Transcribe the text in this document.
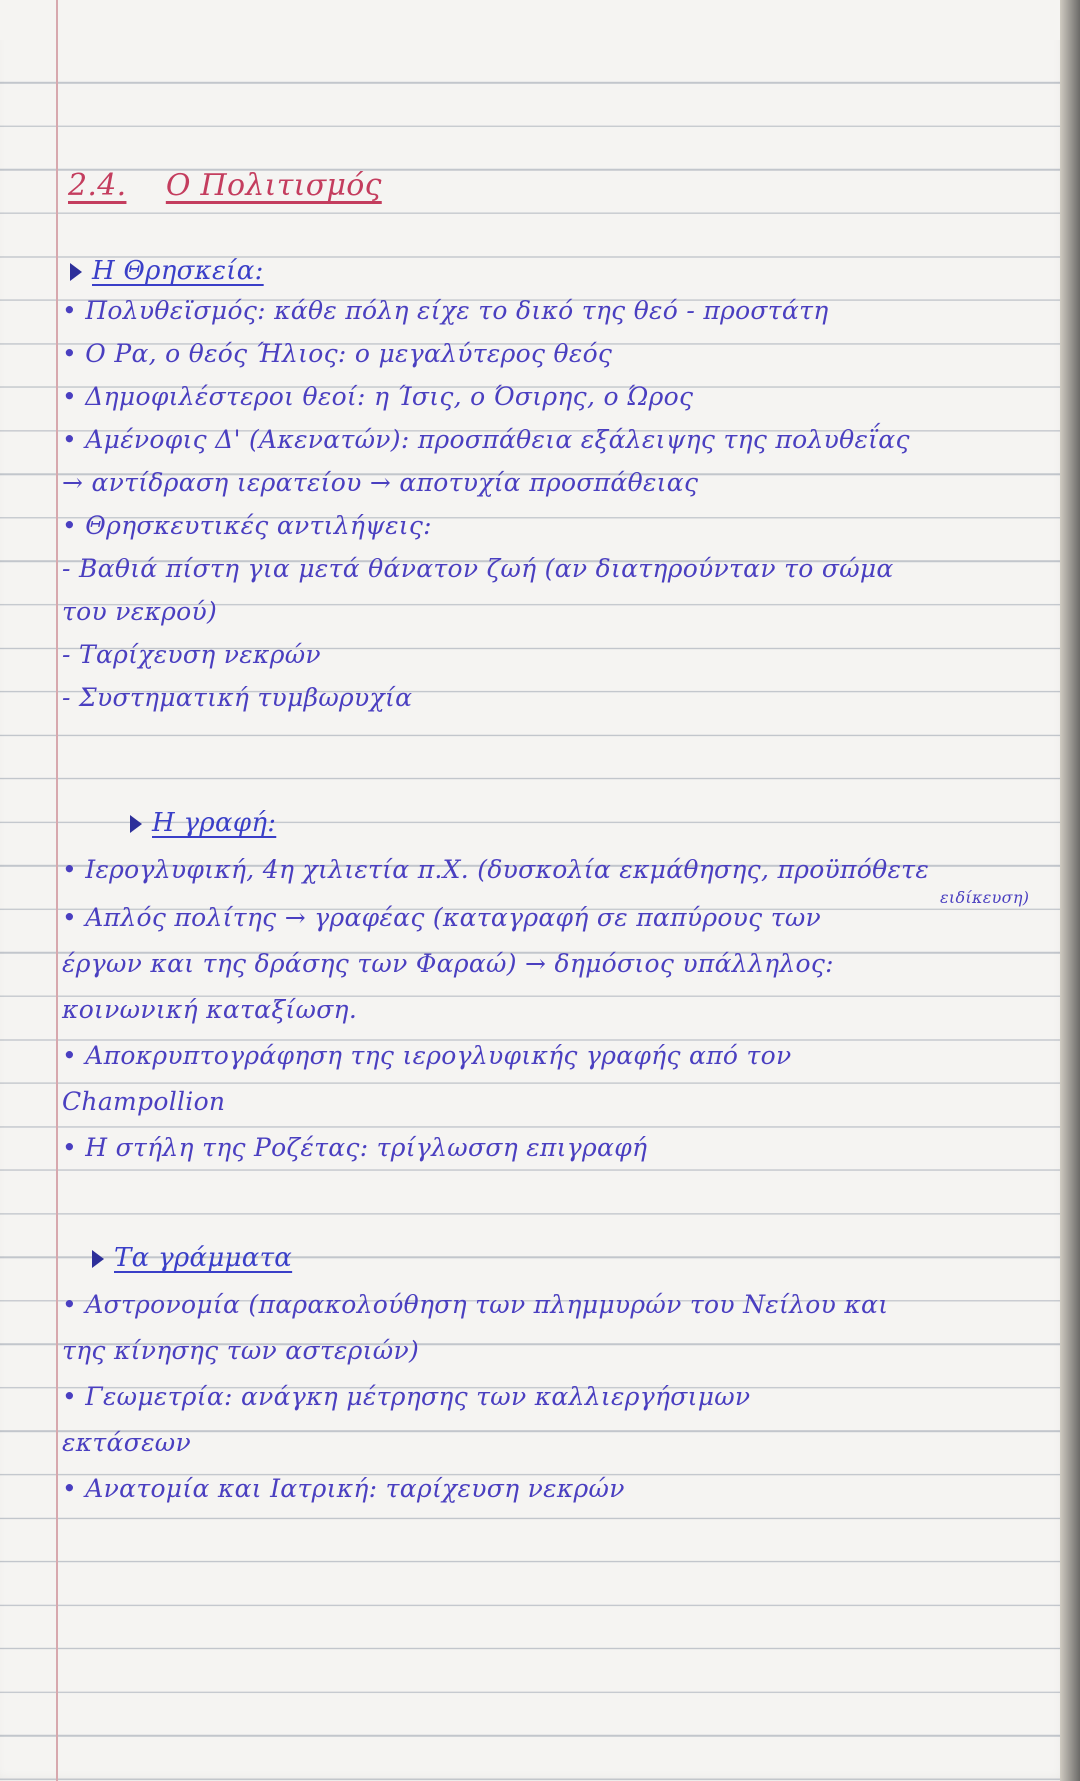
2.4. Ο Πολιτισμός
Η Θρησκεία:
• Πολυθεϊσμός: κάθε πόλη είχε το δικό της θεό - προστάτη
• Ο Ρα, ο θεός Ήλιος: ο μεγαλύτερος θεός
• Δημοφιλέστεροι θεοί: η Ίσις, ο Όσιρης, ο Ώρος
• Αμένοφις Δ' (Ακενατών): προσπάθεια εξάλειψης της πολυθεΐας
→ αντίδραση ιερατείου → αποτυχία προσπάθειας
• Θρησκευτικές αντιλήψεις:
- Βαθιά πίστη για μετά θάνατον ζωή (αν διατηρούνταν το σώμα
του νεκρού)
- Ταρίχευση νεκρών
- Συστηματική τυμβωρυχία
Η γραφή:
• Ιερογλυφική, 4η χιλιετία π.Χ. (δυσκολία εκμάθησης, προϋπόθετε
ειδίκευση)
• Απλός πολίτης → γραφέας (καταγραφή σε παπύρους των
έργων και της δράσης των Φαραώ) → δημόσιος υπάλληλος:
κοινωνική καταξίωση.
• Αποκρυπτογράφηση της ιερογλυφικής γραφής από τον
Champollion
• Η στήλη της Ροζέτας: τρίγλωσση επιγραφή
Τα γράμματα
• Αστρονομία (παρακολούθηση των πλημμυρών του Νείλου και
της κίνησης των αστεριών)
• Γεωμετρία: ανάγκη μέτρησης των καλλιεργήσιμων
εκτάσεων
• Ανατομία και Ιατρική: ταρίχευση νεκρών
